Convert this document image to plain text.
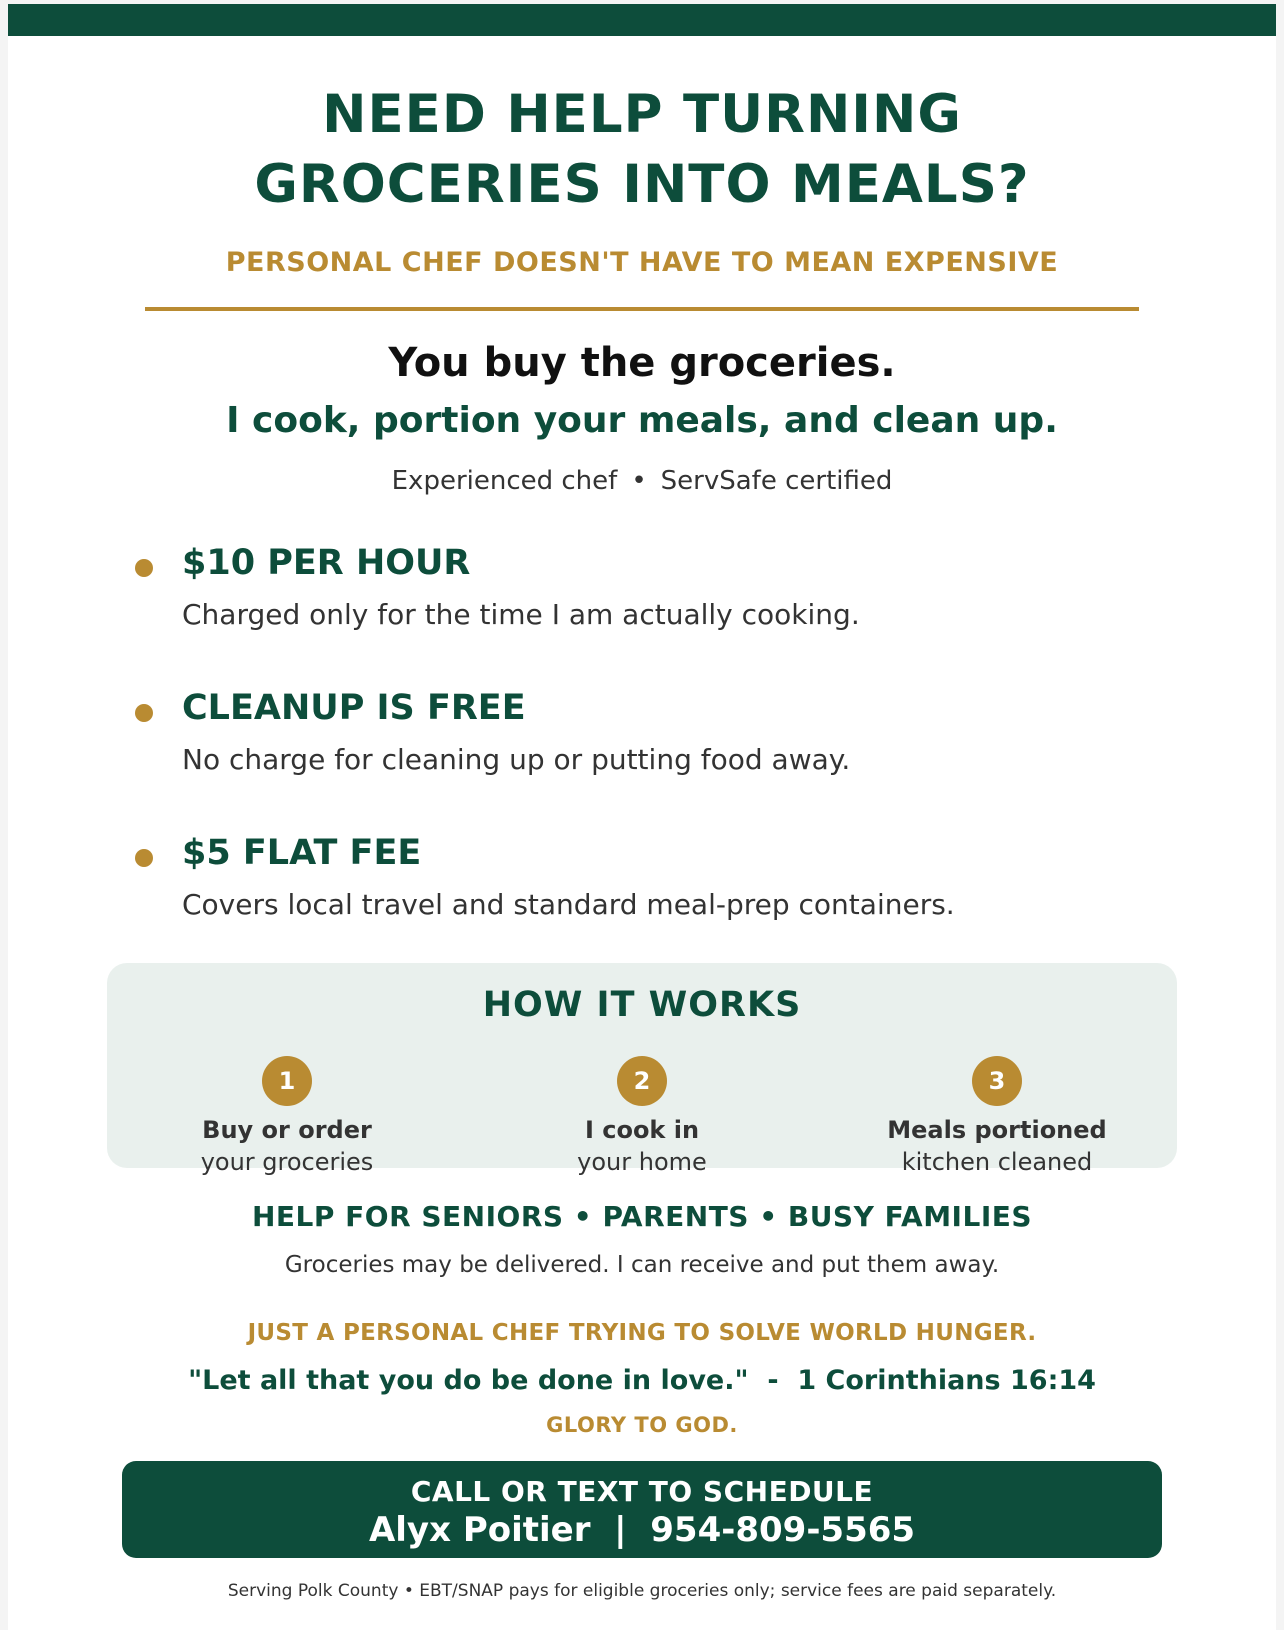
NEED HELP TURNING
GROCERIES INTO MEALS?
PERSONAL CHEF DOESN'T HAVE TO MEAN EXPENSIVE
You buy the groceries.
I cook, portion your meals, and clean up.
Experienced chef • ServSafe certified
$10 PER HOUR
Charged only for the time I am actually cooking.
CLEANUP IS FREE
No charge for cleaning up or putting food away.
$5 FLAT FEE
Covers local travel and standard meal-prep containers.
HOW IT WORKS
1
Buy or order
your groceries
2
I cook in
your home
3
Meals portioned
kitchen cleaned
HELP FOR SENIORS • PARENTS • BUSY FAMILIES
Groceries may be delivered. I can receive and put them away.
JUST A PERSONAL CHEF TRYING TO SOLVE WORLD HUNGER.
"Let all that you do be done in love."  -  1 Corinthians 16:14
GLORY TO GOD.
CALL OR TEXT TO SCHEDULE
Alyx Poitier  |  954-809-5565
Serving Polk County • EBT/SNAP pays for eligible groceries only; service fees are paid separately.
